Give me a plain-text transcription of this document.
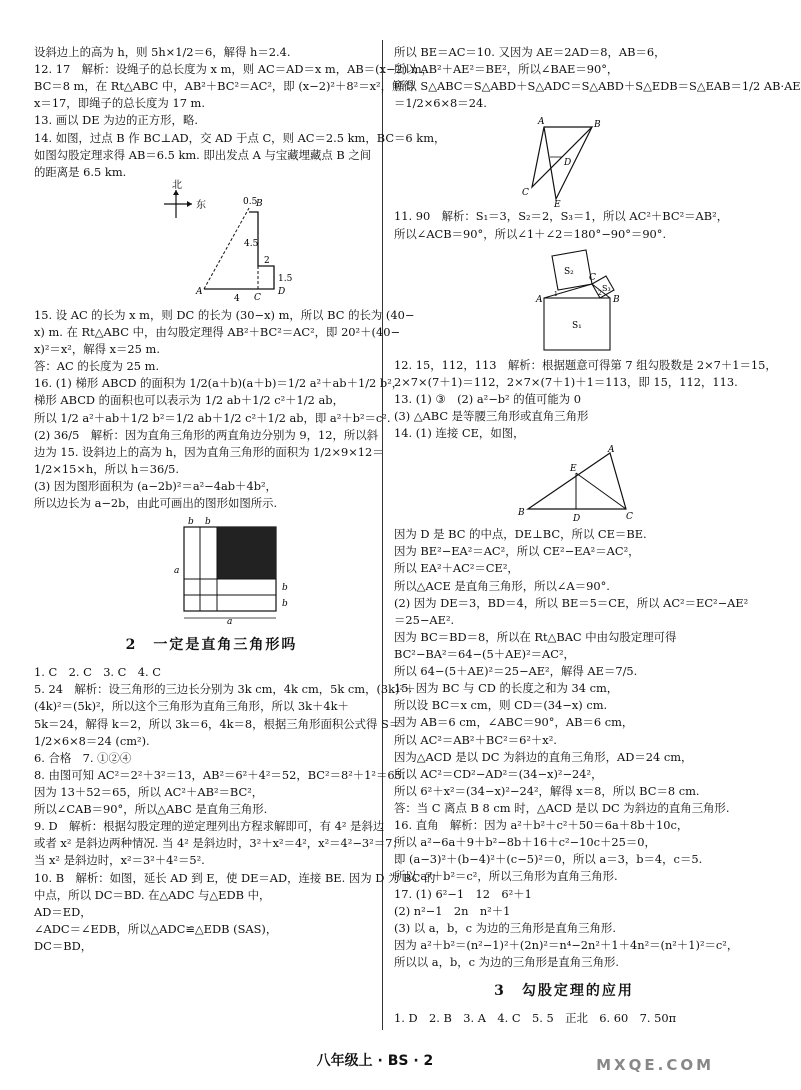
设斜边上的高为 h，则 5h×1/2＝6，解得 h＝2.4.
12. 17　解析：设绳子的总长度为 x m，则 AC＝AD＝x m，AB＝(x−2) m，
BC＝8 m，在 Rt△ABC 中，AB²＋BC²＝AC²，即 (x−2)²＋8²＝x²，解得
x＝17，即绳子的总长度为 17 m.
13. 画以 DE 为边的正方形，略.
14. 如图，过点 B 作 BC⊥AD，交 AD 于点 C，则 AC＝2.5 km，BC＝6 km，
如图勾股定理求得 AB＝6.5 km. 即出发点 A 与宝藏埋藏点 B 之间
的距离是 6.5 km.
北
东	0.5
B
4.5
2
1.5
A
4 C
D
15. 设 AC 的长为 x m，则 DC 的长为 (30−x) m，所以 BC 的长为 (40−
x) m. 在 Rt△ABC 中，由勾股定理得 AB²＋BC²＝AC²，即 20²＋(40−
x)²＝x²，解得 x＝25 m.
答：AC 的长度为 25 m.
16. (1) 梯形 ABCD 的面积为 1/2(a＋b)(a＋b)＝1/2 a²＋ab＋1/2 b²，
梯形 ABCD 的面积也可以表示为 1/2 ab＋1/2 c²＋1/2 ab，
所以 1/2 a²＋ab＋1/2 b²＝1/2 ab＋1/2 c²＋1/2 ab，即 a²＋b²＝c².
(2) 36/5　解析：因为直角三角形的两直角边分别为 9，12，所以斜
边为 15. 设斜边上的高为 h，因为直角三角形的面积为 1/2×9×12＝
1/2×15×h，所以 h＝36/5.
(3) 因为图形面积为 (a−2b)²＝a²−4ab＋4b²，
所以边长为 a−2b，由此可画出的图形如图所示.
b b
a
b
b
a
2　一定是直角三角形吗
1. C　2. C　3. C　4. C
5. 24　解析：设三角形的三边长分别为 3k cm，4k cm，5k cm，(3k)²＋
(4k)²＝(5k)²，所以这个三角形为直角三角形，所以 3k＋4k＋
5k＝24，解得 k＝2，所以 3k＝6，4k＝8，根据三角形面积公式得 S＝
1/2×6×8＝24 (cm²).
6. 合格　7. ①②④
8. 由图可知 AC²＝2²＋3²＝13，AB²＝6²＋4²＝52，BC²＝8²＋1²＝65.
因为 13＋52＝65，所以 AC²＋AB²＝BC²，
所以∠CAB＝90°，所以△ABC 是直角三角形.
9. D　解析：根据勾股定理的逆定理列出方程求解即可，有 4² 是斜边
或者 x² 是斜边两种情况. 当 4² 是斜边时，3²＋x²＝4²，x²＝4²−3²＝7；
当 x² 是斜边时，x²＝3²＋4²＝5².
10. B　解析：如图，延长 AD 到 E，使 DE＝AD，连接 BE. 因为 D 为 BC 的
中点，所以 DC＝BD. 在△ADC 与△EDB 中，
AD＝ED，
∠ADC＝∠EDB，所以△ADC≌△EDB (SAS)，
DC＝BD，
所以 BE＝AC＝10. 又因为 AE＝2AD＝8，AB＝6，
所以 AB²＋AE²＝BE²，所以∠BAE＝90°，
所以 S△ABC＝S△ABD＋S△ADC＝S△ABD＋S△EDB＝S△EAB＝1/2 AB·AE
＝1/2×6×8＝24.
A	B
D
C
E
11. 90　解析：S₁＝3，S₂＝2，S₃＝1，所以 AC²＋BC²＝AB²，
所以∠ACB＝90°，所以∠1＋∠2＝180°−90°＝90°.
S₂
C
S₃
A	B
S₁
1	2
12. 15，112，113　解析：根据题意可得第 7 组勾股数是 2×7＋1＝15，
2×7×(7＋1)＝112，2×7×(7＋1)＋1＝113，即 15，112，113.
13. (1) ③　(2) a²−b² 的值可能为 0
(3) △ABC 是等腰三角形或直角三角形
14. (1) 连接 CE，如图，
E
A
B
D	C
因为 D 是 BC 的中点，DE⊥BC，所以 CE＝BE.
因为 BE²−EA²＝AC²，所以 CE²−EA²＝AC²，
所以 EA²＋AC²＝CE²，
所以△ACE 是直角三角形，所以∠A＝90°.
(2) 因为 DE＝3，BD＝4，所以 BE＝5＝CE，所以 AC²＝EC²−AE²
＝25−AE².
因为 BC＝BD＝8，所以在 Rt△BAC 中由勾股定理可得
BC²−BA²＝64−(5＋AE)²＝AC²，
所以 64−(5＋AE)²＝25−AE²，解得 AE＝7/5.
15. 因为 BC 与 CD 的长度之和为 34 cm，
所以设 BC＝x cm，则 CD＝(34−x) cm.
因为 AB＝6 cm，∠ABC＝90°，AB＝6 cm，
所以 AC²＝AB²＋BC²＝6²＋x².
因为△ACD 是以 DC 为斜边的直角三角形，AD＝24 cm，
所以 AC²＝CD²−AD²＝(34−x)²−24²，
所以 6²＋x²＝(34−x)²−24²，解得 x＝8，所以 BC＝8 cm.
答：当 C 离点 B 8 cm 时，△ACD 是以 DC 为斜边的直角三角形.
16. 直角　解析：因为 a²＋b²＋c²＋50＝6a＋8b＋10c，
所以 a²−6a＋9＋b²−8b＋16＋c²−10c＋25＝0，
即 (a−3)²＋(b−4)²＋(c−5)²＝0，所以 a＝3，b＝4，c＝5.
所以 a²＋b²＝c²，所以三角形为直角三角形.
17. (1) 6²−1　12　6²＋1
(2) n²−1　2n　n²＋1
(3) 以 a，b，c 为边的三角形是直角三角形.
因为 a²＋b²＝(n²−1)²＋(2n)²＝n⁴−2n²＋1＋4n²＝(n²＋1)²＝c²，
所以以 a，b，c 为边的三角形是直角三角形.
3　勾股定理的应用
1. D　2. B　3. A　4. C　5. 5　正北　6. 60　7. 50π
八年级上 · BS · 2	MXQE.COM
